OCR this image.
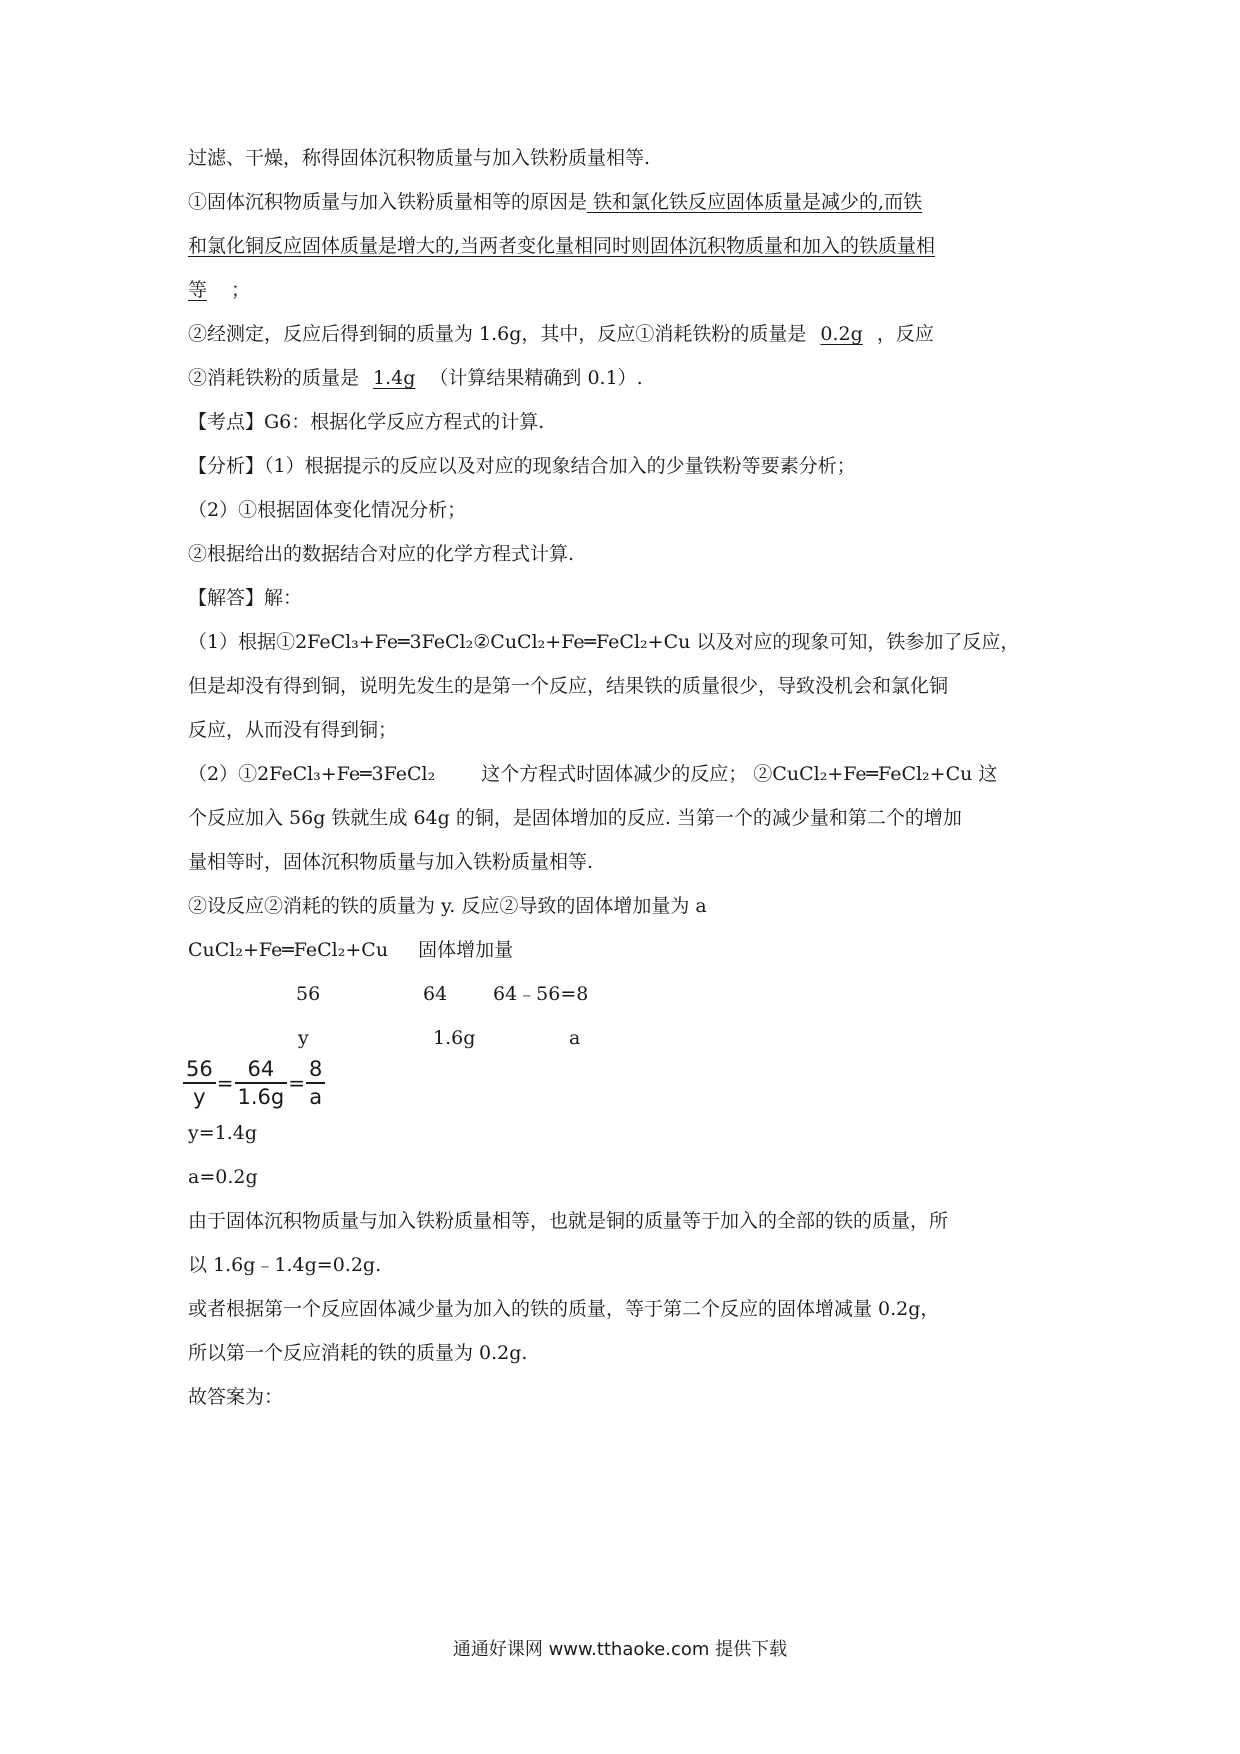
过滤、干燥，称得固体沉积物质量与加入铁粉质量相等.
①固体沉积物质量与加入铁粉质量相等的原因是 铁和氯化铁反应固体质量是减少的,而铁
和氯化铜反应固体质量是增大的,当两者变化量相同时则固体沉积物质量和加入的铁质量相
等 ；
②经测定，反应后得到铜的质量为 1.6g，其中，反应①消耗铁粉的质量是 0.2g ，反应
②消耗铁粉的质量是 1.4g （计算结果精确到 0.1）.
【考点】G6：根据化学反应方程式的计算.
【分析】（1）根据提示的反应以及对应的现象结合加入的少量铁粉等要素分析；
（2）①根据固体变化情况分析；
②根据给出的数据结合对应的化学方程式计算.
【解答】解：
（1）根据①2FeCl₃+Fe═3FeCl₂②CuCl₂+Fe═FeCl₂+Cu 以及对应的现象可知，铁参加了反应，
但是却没有得到铜，说明先发生的是第一个反应，结果铁的质量很少，导致没机会和氯化铜
反应，从而没有得到铜；
（2）①2FeCl₃+Fe═3FeCl₂ 这个方程式时固体减少的反应； ②CuCl₂+Fe═FeCl₂+Cu 这
个反应加入 56g 铁就生成 64g 的铜，是固体增加的反应. 当第一个的减少量和第二个的增加
量相等时，固体沉积物质量与加入铁粉质量相等.
②设反应②消耗的铁的质量为 y. 反应②导致的固体增加量为 a
CuCl₂+Fe═FeCl₂+Cu 固体增加量
56	64 64﹣56=8
y	1.6g	a
$\frac{56}{y} = \frac{64}{1.6g} = \frac{8}{a}$
y=1.4g
a=0.2g
由于固体沉积物质量与加入铁粉质量相等，也就是铜的质量等于加入的全部的铁的质量，所
以 1.6g﹣1.4g=0.2g.
或者根据第一个反应固体减少量为加入的铁的质量，等于第二个反应的固体增减量 0.2g，
所以第一个反应消耗的铁的质量为 0.2g.
故答案为：
通通好课网 www.tthaoke.com 提供下载
